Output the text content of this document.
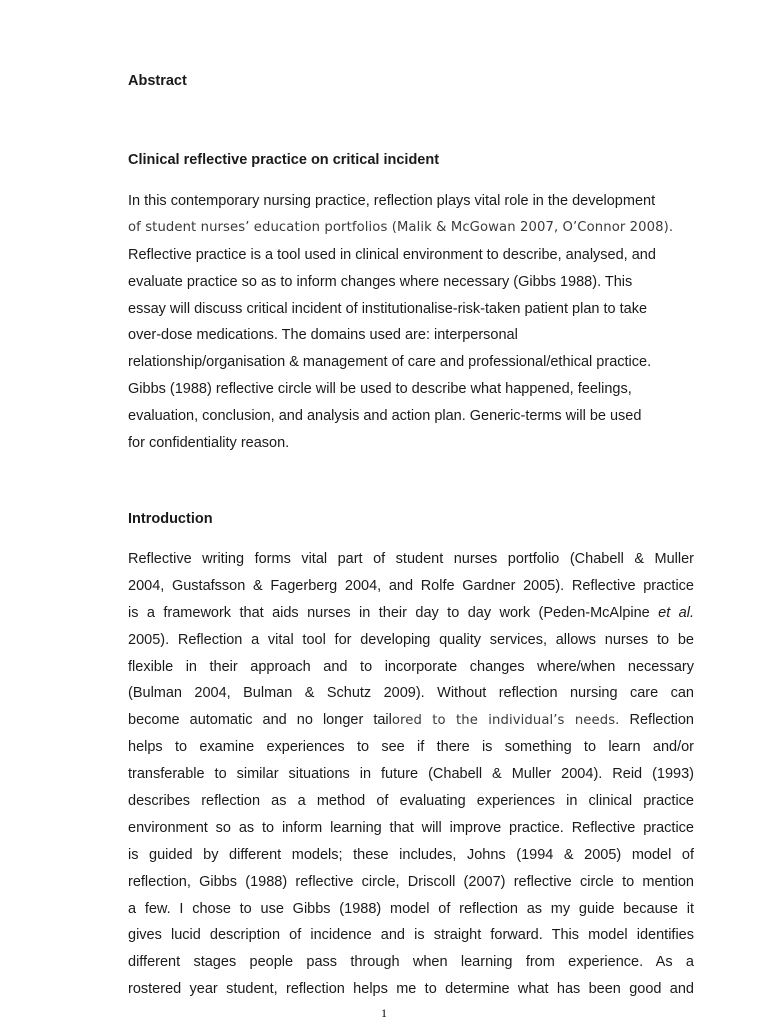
Abstract
Clinical reflective practice on critical incident

In this contemporary nursing practice, reflection plays vital role in the development
of student nurses’ education portfolios (Malik & McGowan 2007, O’Connor 2008).
Reflective practice is a tool used in clinical environment to describe, analysed, and
evaluate practice so as to inform changes where necessary (Gibbs 1988). This
essay will discuss critical incident of institutionalise-risk-taken patient plan to take
over-dose medications. The domains used are: interpersonal
relationship/organisation & management of care and professional/ethical practice.
Gibbs (1988) reflective circle will be used to describe what happened, feelings,
evaluation, conclusion, and analysis and action plan. Generic-terms will be used
for confidentiality reason.

Introduction

Reflective writing forms vital part of student nurses portfolio (Chabell & Muller
2004, Gustafsson & Fagerberg 2004, and Rolfe Gardner 2005). Reflective practice
is a framework that aids nurses in their day to day work (Peden-McAlpine et al.
2005). Reflection a vital tool for developing quality services, allows nurses to be
flexible in their approach and to incorporate changes where/when necessary
(Bulman 2004, Bulman & Schutz 2009). Without reflection nursing care can
become automatic and no longer tailored to the individual’s needs. Reflection
helps to examine experiences to see if there is something to learn and/or
transferable to similar situations in future (Chabell & Muller 2004). Reid (1993)
describes reflection as a method of evaluating experiences in clinical practice
environment so as to inform learning that will improve practice. Reflective practice
is guided by different models; these includes, Johns (1994 & 2005) model of
reflection, Gibbs (1988) reflective circle, Driscoll (2007) reflective circle to mention
a few. I chose to use Gibbs (1988) model of reflection as my guide because it
gives lucid description of incidence and is straight forward. This model identifies
different stages people pass through when learning from experience. As a
rostered year student, reflection helps me to determine what has been good and

1
